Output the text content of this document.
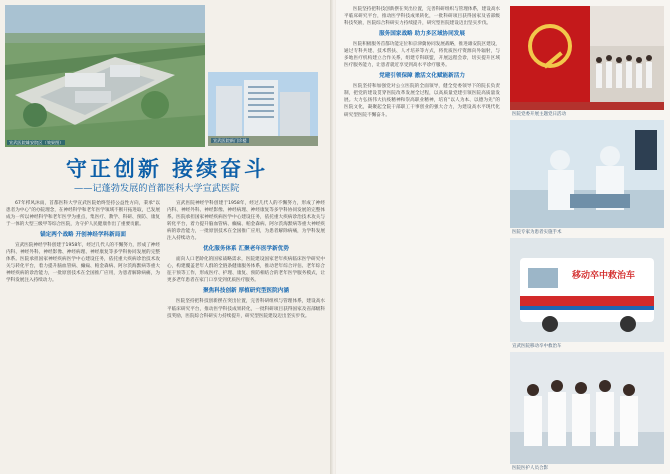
宣武医院雄安院区（效果图）	宣武医院新门诊楼
守正创新 接续奋斗
——记蓬勃发展的首都医科大学宣武医院

67年栉风沐雨，首都医科大学宣武医院始终坚持公益性方向，秉承“以患者为中心”的办院理念，在神经科学和老年医学领域不断开拓进取，已发展成为一所以神经科学和老年医学为重点，集医疗、教学、科研、预防、康复于一体的大型三级甲等综合医院，为守护人民健康作出了重要贡献。

锚定两个战略 开创神经学科新局面

宣武医院神经学科创建于1958年，经过几代人的不懈努力，形成了神经内科、神经外科、神经影像、神经病理、神经康复等多学科协同发展的完整体系。医院承担国家神经疾病医学中心建设任务，依托重大疾病诊治技术攻关与转化平台，着力提升脑血管病、癫痫、帕金森病、阿尔茨海默病等重大神经疾病的诊治能力，一批原创技术在全国推广应用，为患者解除病痛，为学科发展注入持续动力。

宣武医院神经学科创建于1958年，经过几代人的不懈努力，形成了神经内科、神经外科、神经影像、神经病理、神经康复等多学科协同发展的完整体系。医院承担国家神经疾病医学中心建设任务，依托重大疾病诊治技术攻关与转化平台，着力提升脑血管病、癫痫、帕金森病、阿尔茨海默病等重大神经疾病的诊治能力，一批原创技术在全国推广应用，为患者解除病痛，为学科发展注入持续动力。

优化服务体系 汇聚老年医学新优势

面向人口老龄化的国家战略需求，医院建设国家老年疾病临床医学研究中心，构建覆盖老年人群的全链条健康服务体系，推动老年综合评估、老年综合征干预等工作，形成医疗、护理、康复、预防相结合的老年医学服务模式，让更多老年患者在家门口享受到优质医疗服务。

聚焦科技创新 厚植研究型医院内涵

医院坚持把科技创新摆在突出位置，完善科研组织与管理体系，建设高水平临床研究平台，推动医学科技成果转化，一批科研项目获得国家及省部级科技奖励，医院综合科研实力持续提升，研究型医院建设迈出坚实步伐。

医院坚持把科技创新摆在突出位置，完善科研组织与管理体系，建设高水平临床研究平台，推动医学科技成果转化，一批科研项目获得国家及省部级科技奖励，医院综合科研实力持续提升，研究型医院建设迈出坚实步伐。

服务国家战略 助力多区域协同发展

医院积极服务首都功能定位和京津冀协同发展战略，推进雄安院区建设，通过专科共建、技术帮扶、人才培养等方式，将优质医疗资源向外辐射，与多地医疗机构建立合作关系，组建专科联盟，开展远程会诊，切实提升区域医疗服务能力，让患者就近享受到高水平诊疗服务。

党建引领保障 激活文化赋能新活力

医院坚持和加强党对公立医院的全面领导，健全党委领导下的院长负责制，把党的建设贯穿医院改革发展全过程，以高质量党建引领医院高质量发展。大力弘扬伟大抗疫精神和崇高职业精神，培育“以人为本、以德为先”的医院文化，凝聚起全院干部职工干事创业的强大合力，为建设高水平现代化研究型医院不懈奋斗。	医院党委开展主题党日活动
医院专家为患者实施手术
移动卒中救治车
宣武医院移动卒中救治车
医院医护人员合影
